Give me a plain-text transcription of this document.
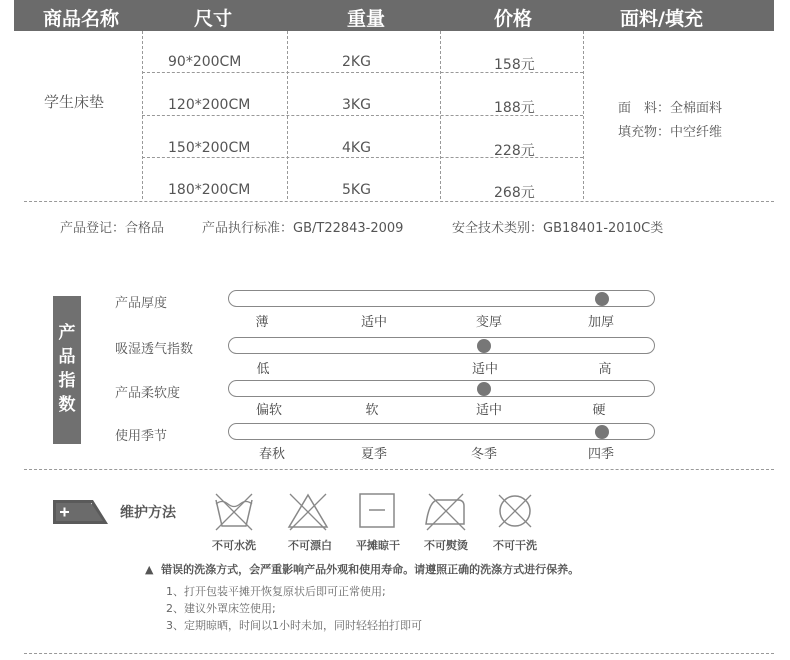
商品名称	尺寸	重量	价格	面料/填充
学生床垫
90*200CM	2KG	158元
120*200CM	3KG	188元
150*200CM	4KG	228元
180*200CM	5KG	268元
面　料：全棉面料
填充物：中空纤维
产品登记：合格品	产品执行标准：GB/T22843-2009	安全技术类别：GB18401-2010C类
产
品
指
数
产品厚度
薄	适中	变厚	加厚
吸湿透气指数
低	适中	高
产品柔软度
偏软	软	适中	硬
使用季节
春秋	夏季	冬季	四季
维护方法
不可水洗	不可漂白 平摊晾干 不可熨烫 不可干洗
▲ 错误的洗涤方式，会严重影响产品外观和使用寿命。请遵照正确的洗涤方式进行保养。
1、打开包装平摊开恢复原状后即可正常使用;
2、建议外罩床笠使用;
3、定期晾晒，时间以1小时未加，同时轻轻拍打即可
